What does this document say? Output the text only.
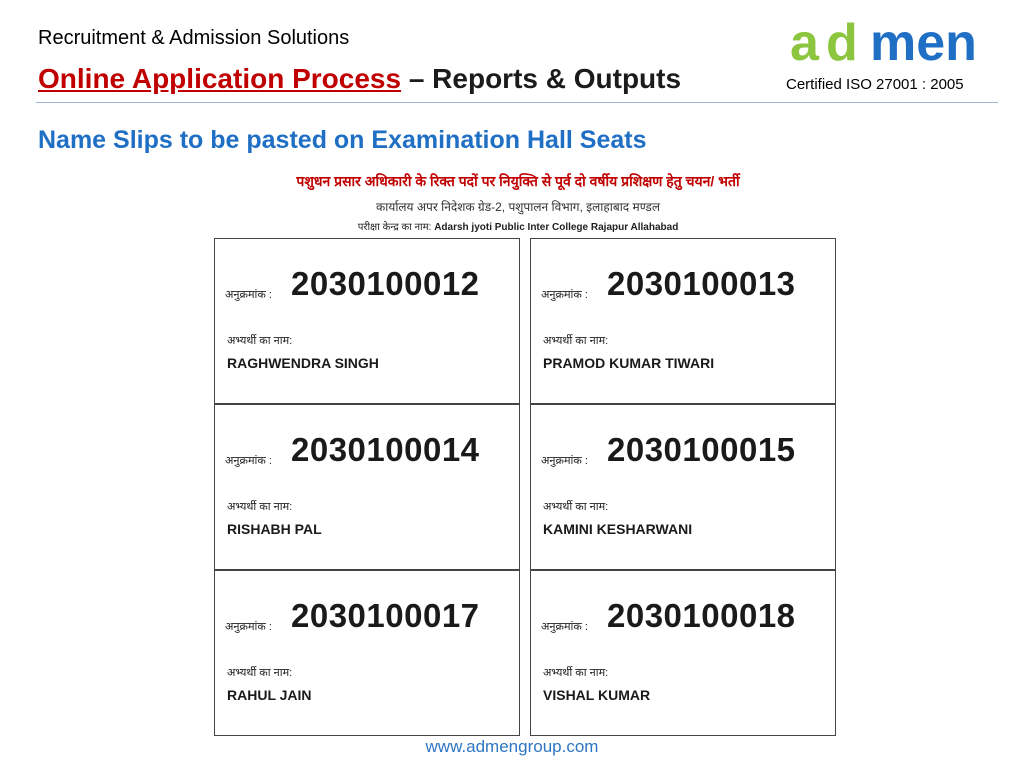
Recruitment & Admission Solutions
Online Application Process – Reports & Outputs
a d men
Certified ISO 27001 : 2005
Name Slips to be pasted on Examination Hall Seats
पशुधन प्रसार अधिकारी के रिक्त पदों पर नियुक्ति से पूर्व दो वर्षीय प्रशिक्षण हेतु चयन/ भर्ती
कार्यालय अपर निदेशक ग्रेड-2, पशुपालन विभाग, इलाहाबाद मण्डल
परीक्षा केन्द्र का नाम: Adarsh jyoti Public Inter College Rajapur Allahabad
अनुक्रमांक : 2030100012
अभ्यर्थी का नाम:
RAGHWENDRA SINGH
अनुक्रमांक : 2030100013
अभ्यर्थी का नाम:
PRAMOD KUMAR TIWARI
अनुक्रमांक : 2030100014
अभ्यर्थी का नाम:
RISHABH PAL
अनुक्रमांक : 2030100015
अभ्यर्थी का नाम:
KAMINI KESHARWANI
अनुक्रमांक : 2030100017
अभ्यर्थी का नाम:
RAHUL JAIN
अनुक्रमांक : 2030100018
अभ्यर्थी का नाम:
VISHAL KUMAR
www.admengroup.com
